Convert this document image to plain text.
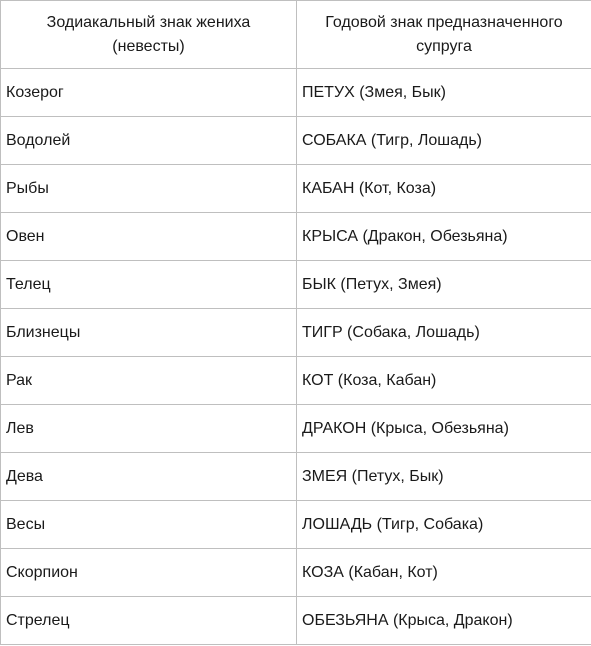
Зодиакальный знак жениха (невесты)	Годовой знак предназначенного супруга
Козерог	ПЕТУХ (Змея, Бык)
Водолей	СОБАКА (Тигр, Лошадь)
Рыбы	КАБАН (Кот, Коза)
Овен	КРЫСА (Дракон, Обезьяна)
Телец	БЫК (Петух, Змея)
Близнецы	ТИГР (Собака, Лошадь)
Рак	КОТ (Коза, Кабан)
Лев	ДРАКОН (Крыса, Обезьяна)
Дева	ЗМЕЯ (Петух, Бык)
Весы	ЛОШАДЬ (Тигр, Собака)
Скорпион	КОЗА (Кабан, Кот)
Стрелец	ОБЕЗЬЯНА (Крыса, Дракон)
